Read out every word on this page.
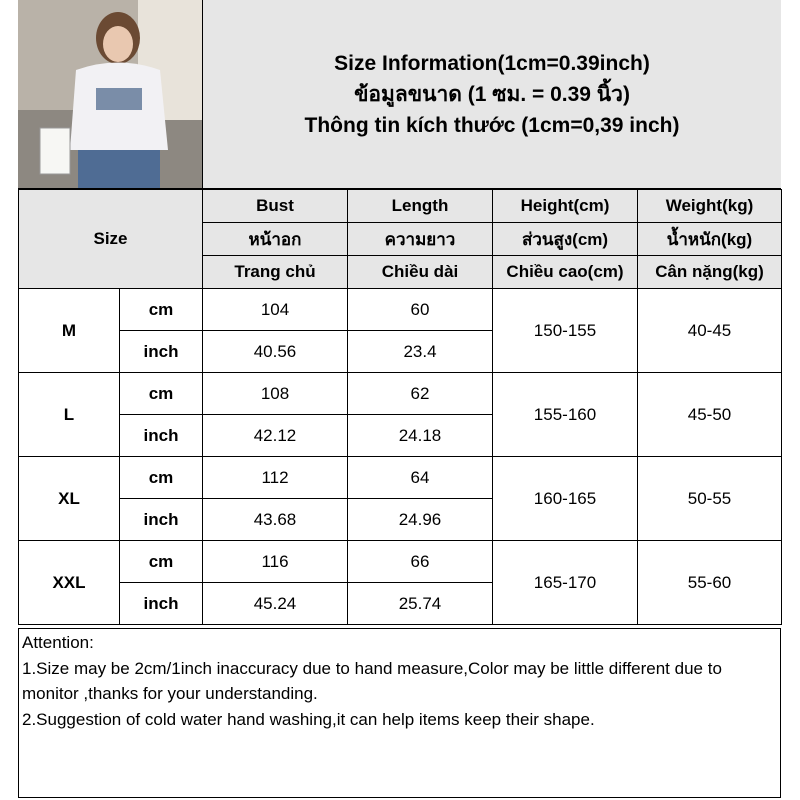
Size Information(1cm=0.39inch)
ข้อมูลขนาด (1 ซม. = 0.39 นิ้ว)
Thông tin kích thước (1cm=0,39 inch)
Size		Bust	Length	Height(cm)	Weight(kg)
		หน้าอก	ความยาว	ส่วนสูง(cm)	น้ำหนัก(kg)
		Trang chủ	Chiều dài	Chiều cao(cm)	Cân nặng(kg)
M	cm	104	60	150-155	40-45
	inch	40.56	23.4		
L	cm	108	62	155-160	45-50
	inch	42.12	24.18		
XL	cm	112	64	160-165	50-55
	inch	43.68	24.96		
XXL	cm	116	66	165-170	55-60
	inch	45.24	25.74		
Attention:
1.Size may be 2cm/1inch inaccuracy due to hand measure,Color may be little different due to monitor ,thanks for your understanding.
2.Suggestion of cold water hand washing,it can help items keep their shape.
